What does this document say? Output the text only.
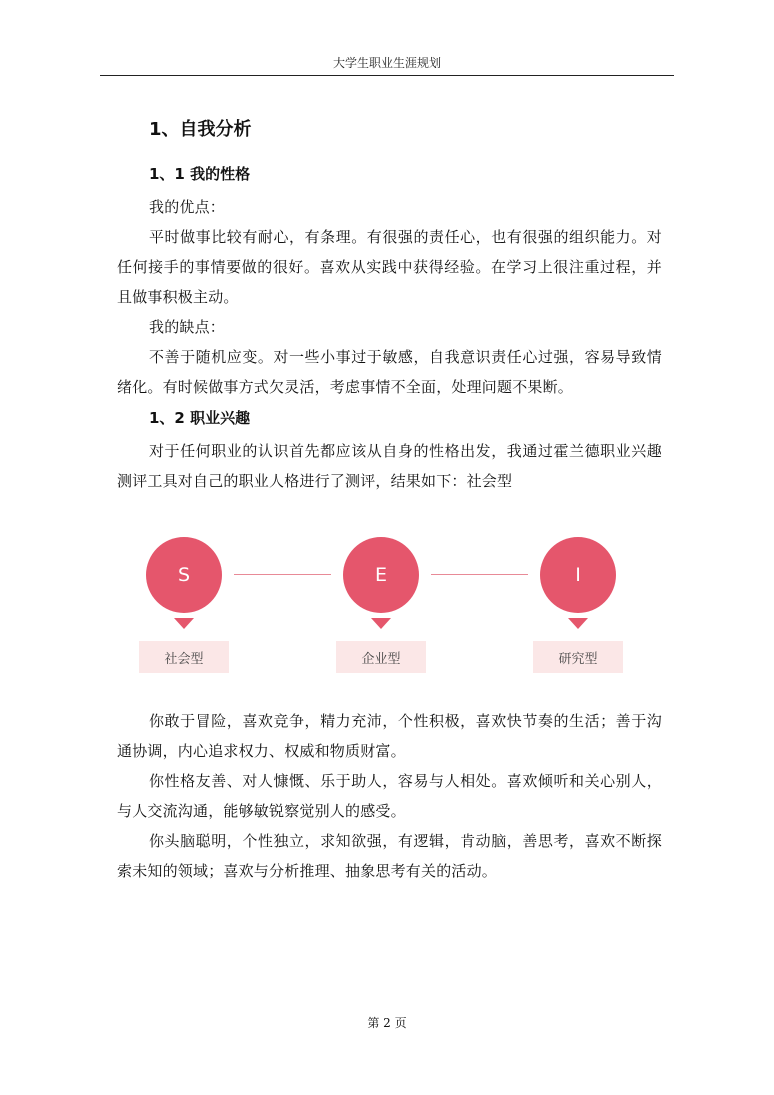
大学生职业生涯规划
1、自我分析
1、1 我的性格

我的优点：

平时做事比较有耐心，有条理。有很强的责任心，也有很强的组织能力。对任何接手的事情要做的很好。喜欢从实践中获得经验。在学习上很注重过程，并且做事积极主动。

我的缺点：

不善于随机应变。对一些小事过于敏感，自我意识责任心过强，容易导致情绪化。有时候做事方式欠灵活，考虑事情不全面，处理问题不果断。

1、2 职业兴趣

对于任何职业的认识首先都应该从自身的性格出发，我通过霍兰德职业兴趣测评工具对自己的职业人格进行了测评，结果如下：社会型

S
社会型
E
企业型
I
研究型

你敢于冒险，喜欢竞争，精力充沛，个性积极，喜欢快节奏的生活；善于沟通协调，内心追求权力、权威和物质财富。

你性格友善、对人慷慨、乐于助人，容易与人相处。喜欢倾听和关心别人，与人交流沟通，能够敏锐察觉别人的感受。

你头脑聪明，个性独立，求知欲强，有逻辑，肯动脑，善思考，喜欢不断探索未知的领域；喜欢与分析推理、抽象思考有关的活动。

第 2 页
